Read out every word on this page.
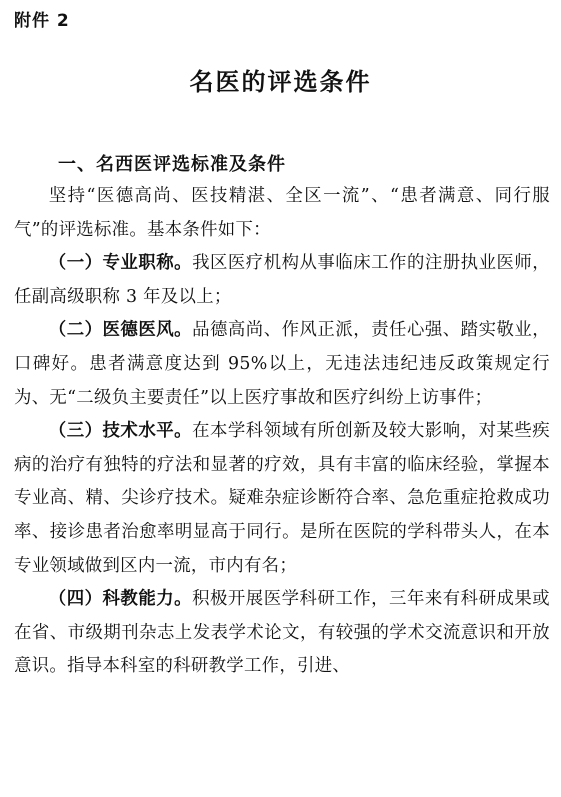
附件 2
名医的评选条件
一、名西医评选标准及条件

坚持“医德高尚、医技精湛、全区一流”、“患者满意、同行服气”的评选标准。基本条件如下：

（一）专业职称。我区医疗机构从事临床工作的注册执业医师，任副高级职称 3 年及以上；

（二）医德医风。品德高尚、作风正派，责任心强、踏实敬业，口碑好。患者满意度达到 95%以上，无违法违纪违反政策规定行为、无“二级负主要责任”以上医疗事故和医疗纠纷上访事件；

（三）技术水平。在本学科领域有所创新及较大影响，对某些疾病的治疗有独特的疗法和显著的疗效，具有丰富的临床经验，掌握本专业高、精、尖诊疗技术。疑难杂症诊断符合率、急危重症抢救成功率、接诊患者治愈率明显高于同行。是所在医院的学科带头人，在本专业领域做到区内一流，市内有名；

（四）科教能力。积极开展医学科研工作，三年来有科研成果或在省、市级期刊杂志上发表学术论文，有较强的学术交流意识和开放意识。指导本科室的科研教学工作，引进、
